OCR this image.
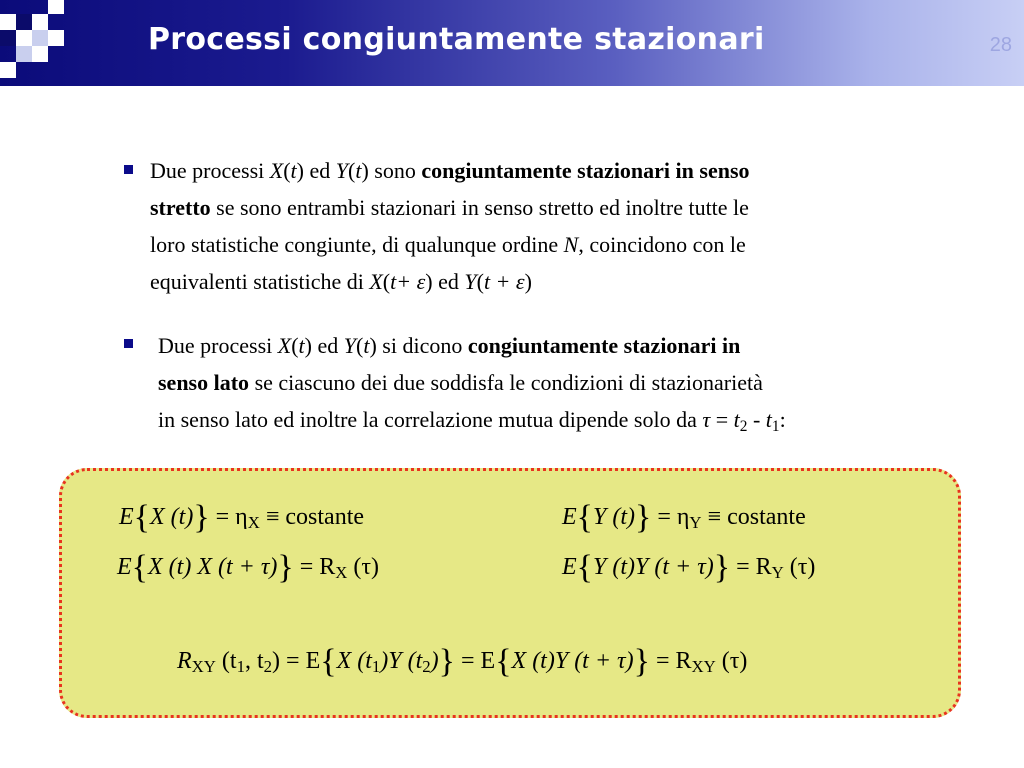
Processi congiuntamente stazionari	28
Due processi X(t) ed Y(t) sono congiuntamente stazionari in senso
stretto se sono entrambi stazionari in senso stretto ed inoltre tutte le
loro statistiche congiunte, di qualunque ordine N, coincidono con le
equivalenti statistiche di X(t+ ε) ed Y(t + ε)
Due processi X(t) ed Y(t) si dicono congiuntamente stazionari in
senso lato se ciascuno dei due soddisfa le condizioni di stazionarietà
in senso lato ed inoltre la correlazione mutua dipende solo da $\tau = t_2 - t_1$:
E{X $(t)\} = \eta_X$ ≡ costante	E{Y $(t)\} = \eta_Y$ ≡ costante
E{X (t) X $(t + \tau)\} = R_X$ (τ)	E{Y (t)Y $(t + \tau)\} = R_Y$ (τ)
$R_{XY}$ ($t_1$, $t_2) = E\{X$ $(t_1)Y$ $(t_2)\} = E\{X$ (t)Y $(t + \tau)\} = R_{XY}$ (τ)
